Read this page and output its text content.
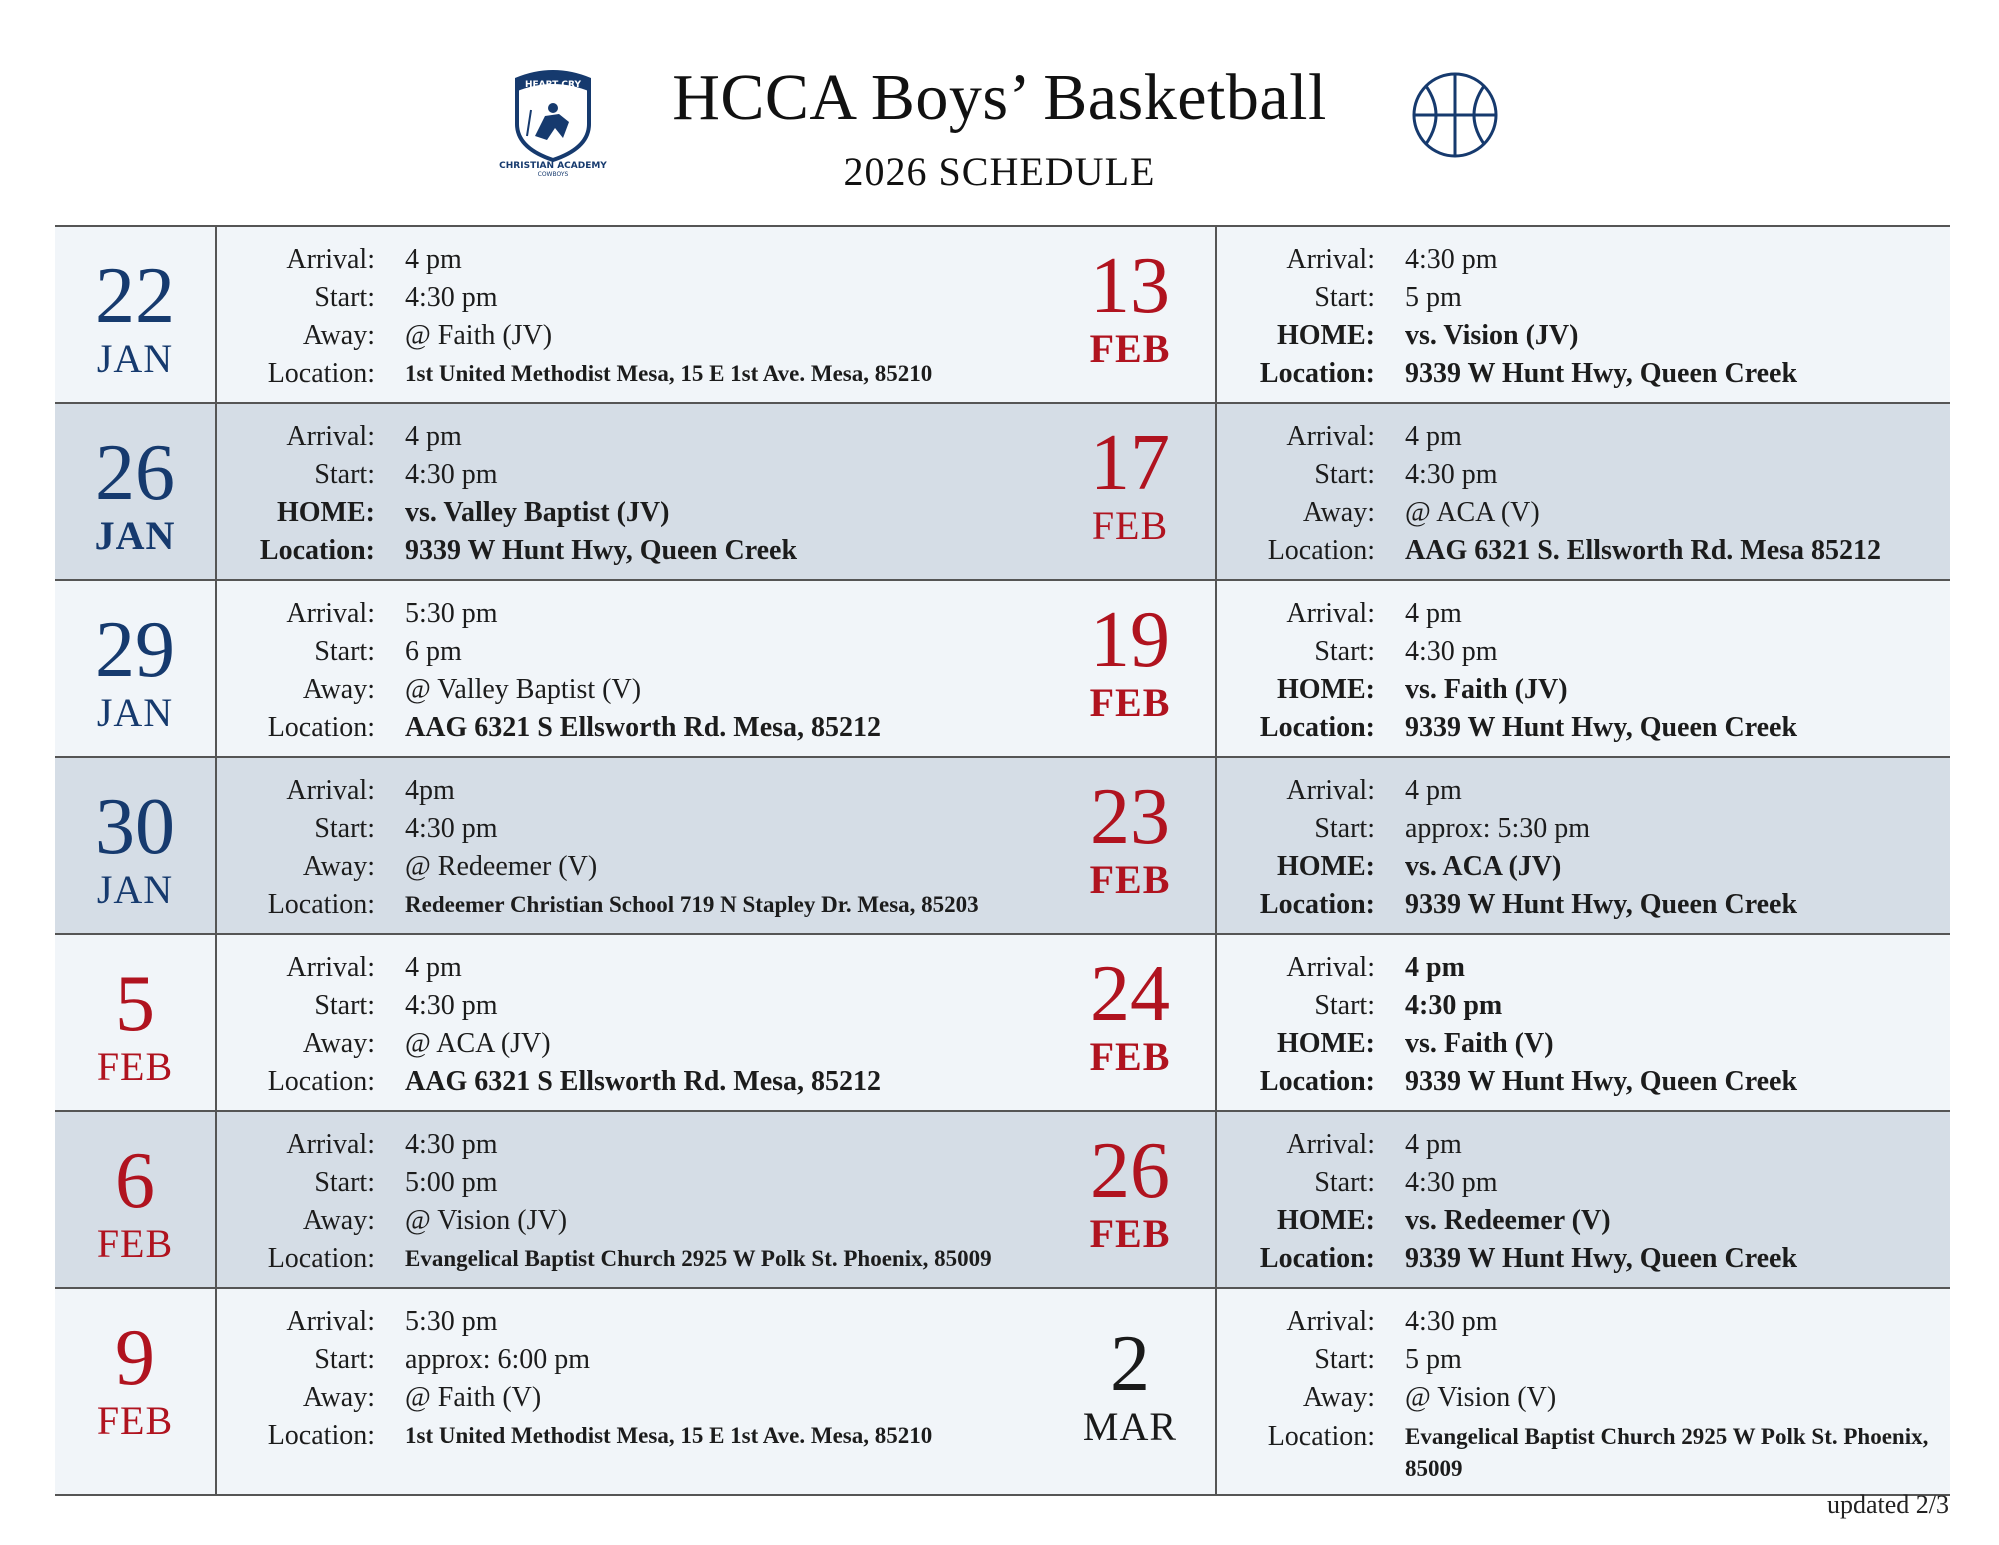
HEART CRY
CHRISTIAN ACADEMY
COWBOYS
HCCA Boys’ Basketball
2026 SCHEDULE
22
JAN
Arrival:	4 pm
Start:	4:30 pm
Away:	@ Faith (JV)
Location:	1st United Methodist Mesa, 15 E 1st Ave. Mesa, 85210
13
FEB
Arrival:	4:30 pm
Start:	5 pm
HOME:	vs. Vision (JV)
Location:	9339 W Hunt Hwy, Queen Creek
26
JAN
Arrival:	4 pm
Start:	4:30 pm
HOME:	vs. Valley Baptist (JV)
Location:	9339 W Hunt Hwy, Queen Creek
17
FEB
Arrival:	4 pm
Start:	4:30 pm
Away:	@ ACA (V)
Location:	AAG 6321 S. Ellsworth Rd. Mesa 85212
29
JAN
Arrival:	5:30 pm
Start:	6 pm
Away:	@ Valley Baptist (V)
Location:	AAG 6321 S Ellsworth Rd. Mesa, 85212
19
FEB
Arrival:	4 pm
Start:	4:30 pm
HOME:	vs. Faith (JV)
Location:	9339 W Hunt Hwy, Queen Creek
30
JAN
Arrival:	4pm
Start:	4:30 pm
Away:	@ Redeemer (V)
Location:	Redeemer Christian School 719 N Stapley Dr. Mesa, 85203
23
FEB
Arrival:	4 pm
Start:	approx: 5:30 pm
HOME:	vs. ACA (JV)
Location:	9339 W Hunt Hwy, Queen Creek
5
FEB
Arrival:	4 pm
Start:	4:30 pm
Away:	@ ACA (JV)
Location:	AAG 6321 S Ellsworth Rd. Mesa, 85212
24
FEB
Arrival:	4 pm
Start:	4:30 pm
HOME:	vs. Faith (V)
Location:	9339 W Hunt Hwy, Queen Creek
6
FEB
Arrival:	4:30 pm
Start:	5:00 pm
Away:	@ Vision (JV)
Location:	Evangelical Baptist Church 2925 W Polk St. Phoenix, 85009
26
FEB
Arrival:	4 pm
Start:	4:30 pm
HOME:	vs. Redeemer (V)
Location:	9339 W Hunt Hwy, Queen Creek
9
FEB
Arrival:	5:30 pm
Start:	approx: 6:00 pm
Away:	@ Faith (V)
Location:	1st United Methodist Mesa, 15 E 1st Ave. Mesa, 85210
2
MAR
Arrival:	4:30 pm
Start:	5 pm
Away:	@ Vision (V)
Location:	Evangelical Baptist Church 2925 W Polk St. Phoenix, 85009
updated 2/3
